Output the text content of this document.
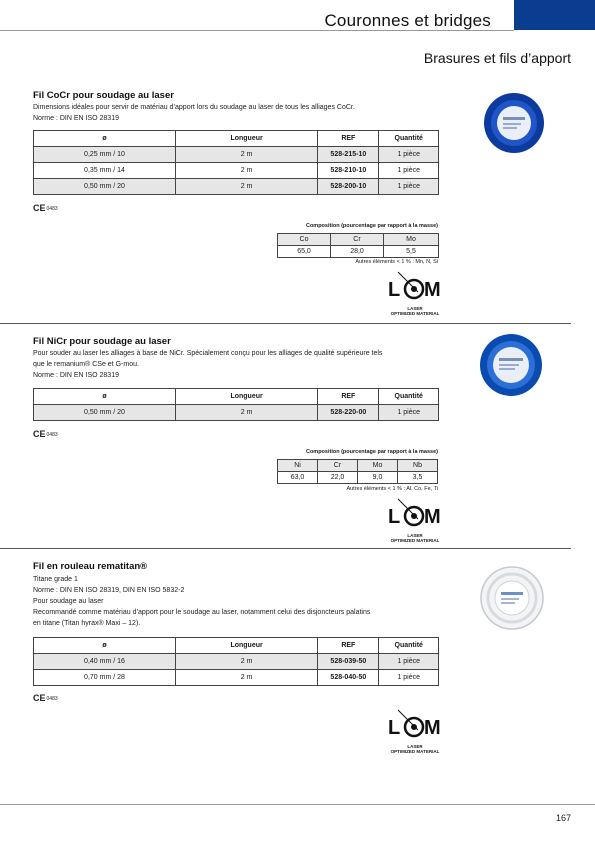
Couronnes et bridges
Brasures et fils d’apport
Fil CoCr pour soudage au laser
Dimensions idéales pour servir de matériau d’apport lors du soudage au laser de tous les alliages CoCr.
Norme : DIN EN ISO 28319
ø	Longueur	REF	Quantité
0,25 mm / 10	2 m	528-215-10	1 pièce
0,35 mm / 14	2 m	528-210-10	1 pièce
0,50 mm / 20	2 m	528-200-10	1 pièce
CE0483
Composition (pourcentage par rapport à la masse)
Co	Cr	Mo
65,0	28,0	5,5
Autres éléments < 1 % : Mn, N, Si
L M
LASER
OPTIMIZED MATERIAL
Fil NiCr pour soudage au laser
Pour souder au laser les alliages à base de NiCr. Spécialement conçu pour les alliages de qualité supérieure tels
que le remanium® CSe et G-mou.
Norme : DIN EN ISO 28319
ø	Longueur	REF	Quantité
0,50 mm / 20	2 m	528-220-00	1 pièce
CE0483
Composition (pourcentage par rapport à la masse)
Ni	Cr	Mo	Nb
63,0	22,0	9,0	3,5
Autres éléments < 1 % : Al, Co, Fe, Ti
L M
LASER
OPTIMIZED MATERIAL
Fil en rouleau rematitan®
Titane grade 1
Norme : DIN EN ISO 28319, DIN EN ISO 5832-2
Pour soudage au laser
Recommandé comme matériau d’apport pour le soudage au laser, notamment celui des disjoncteurs palatins
en titane (Titan hyrax® Maxi – 12).
ø	Longueur	REF	Quantité
0,40 mm / 16	2 m	528-039-50	1 pièce
0,70 mm / 28	2 m	528-040-50	1 pièce
CE0483
L M
LASER
OPTIMIZED MATERIAL
167
